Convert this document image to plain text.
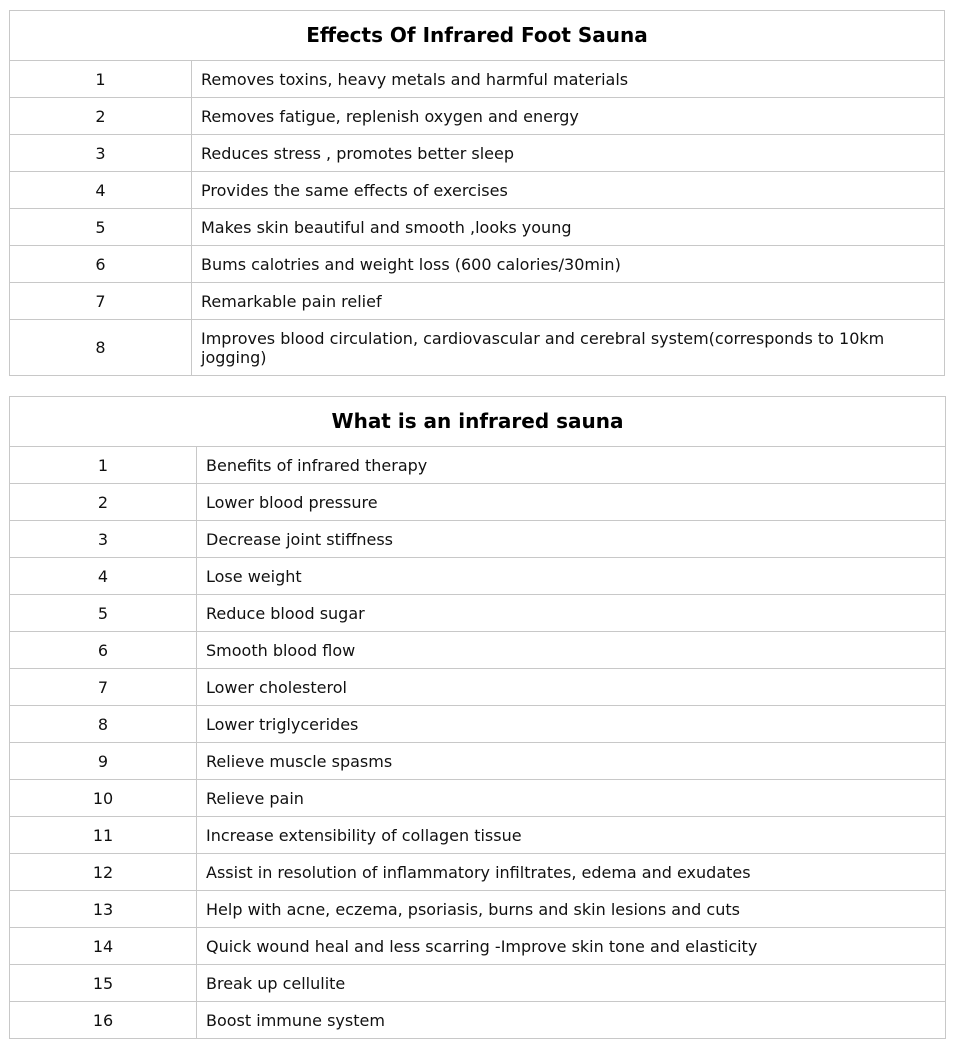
Effects Of Infrared Foot Sauna	
1	Removes toxins, heavy metals and harmful materials
2	Removes fatigue, replenish oxygen and energy
3	Reduces stress , promotes better sleep
4	Provides the same effects of exercises
5	Makes skin beautiful and smooth ,looks young
6	Bums calotries and weight loss (600 calories/30min)
7	Remarkable pain relief
8	Improves blood circulation, cardiovascular and cerebral system(corresponds to 10km jogging)
What is an infrared sauna	
1	Benefits of infrared therapy
2	Lower blood pressure
3	Decrease joint stiffness
4	Lose weight
5	Reduce blood sugar
6	Smooth blood flow
7	Lower cholesterol
8	Lower triglycerides
9	Relieve muscle spasms
10	Relieve pain
11	Increase extensibility of collagen tissue
12	Assist in resolution of inflammatory infiltrates, edema and exudates
13	Help with acne, eczema, psoriasis, burns and skin lesions and cuts
14	Quick wound heal and less scarring -Improve skin tone and elasticity
15	Break up cellulite
16	Boost immune system
